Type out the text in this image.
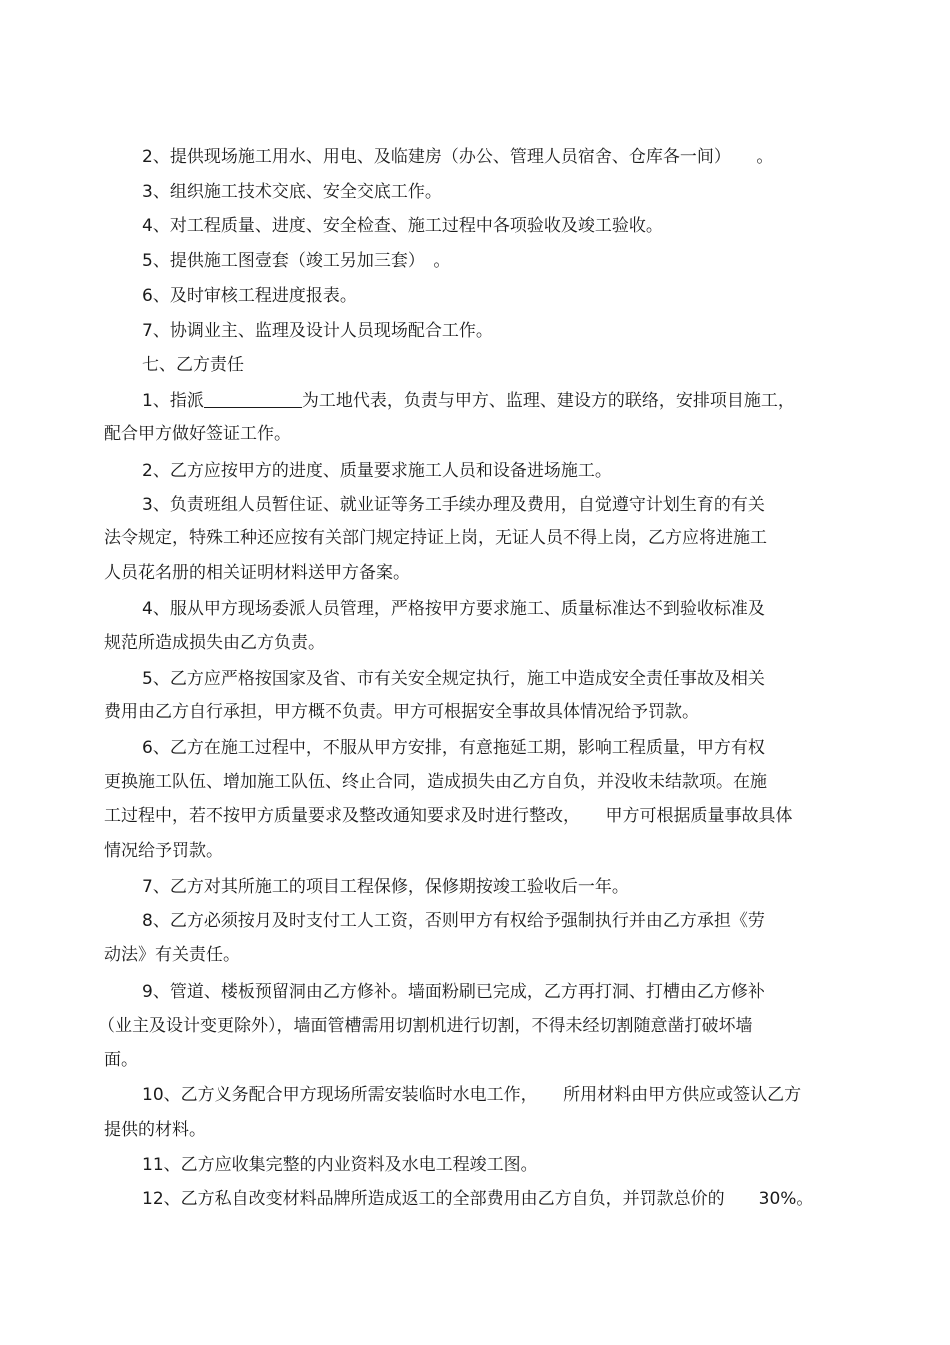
2、提供现场施工用水、用电、及临建房（办公、管理人员宿舍、仓库各一间）　　。
3、组织施工技术交底、安全交底工作。
4、对工程质量、进度、安全检查、施工过程中各项验收及竣工验收。
5、提供施工图壹套（竣工另加三套）　。
6、及时审核工程进度报表。
7、协调业主、监理及设计人员现场配合工作。
七、乙方责任
1、指派	为工地代表，负责与甲方、监理、建设方的联络，安排项目施工，
配合甲方做好签证工作。
2、乙方应按甲方的进度、质量要求施工人员和设备进场施工。
3、负责班组人员暂住证、就业证等务工手续办理及费用，自觉遵守计划生育的有关
法令规定，特殊工种还应按有关部门规定持证上岗，无证人员不得上岗，乙方应将进施工
人员花名册的相关证明材料送甲方备案。
4、服从甲方现场委派人员管理，严格按甲方要求施工、质量标准达不到验收标准及
规范所造成损失由乙方负责。
5、乙方应严格按国家及省、市有关安全规定执行，施工中造成安全责任事故及相关
费用由乙方自行承担，甲方概不负责。甲方可根据安全事故具体情况给予罚款。
6、乙方在施工过程中，不服从甲方安排，有意拖延工期，影响工程质量，甲方有权
更换施工队伍、增加施工队伍、终止合同，造成损失由乙方自负，并没收未结款项。在施
工过程中，若不按甲方质量要求及整改通知要求及时进行整改，　　甲方可根据质量事故具体
情况给予罚款。
7、乙方对其所施工的项目工程保修，保修期按竣工验收后一年。
8、乙方必须按月及时支付工人工资，否则甲方有权给予强制执行并由乙方承担《劳
动法》有关责任。
9、管道、楼板预留洞由乙方修补。墙面粉刷已完成，乙方再打洞、打槽由乙方修补
（业主及设计变更除外），墙面管槽需用切割机进行切割，不得未经切割随意凿打破坏墙
面。
10、乙方义务配合甲方现场所需安装临时水电工作，　　所用材料由甲方供应或签认乙方
提供的材料。
11、乙方应收集完整的内业资料及水电工程竣工图。
12、乙方私自改变材料品牌所造成返工的全部费用由乙方自负，并罚款总价的　　30%。
